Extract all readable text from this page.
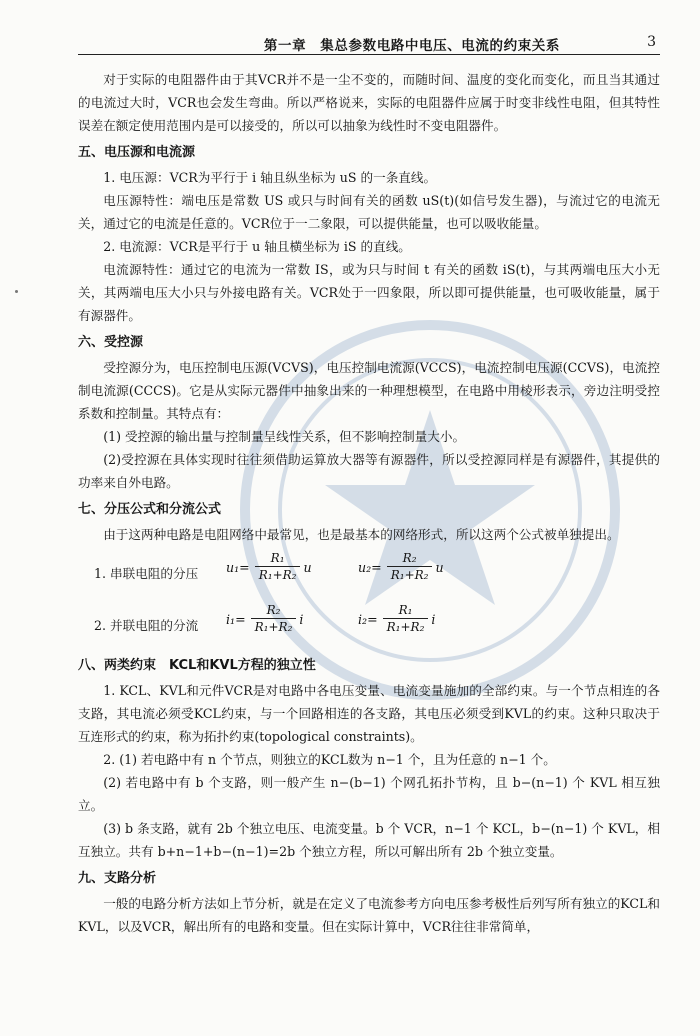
第一章　集总参数电路中电压、电流的约束关系	3

对于实际的电阻器件由于其VCR并不是一尘不变的，而随时间、温度的变化而变化，而且当其通过的电流过大时，VCR也会发生弯曲。所以严格说来，实际的电阻器件应属于时变非线性电阻，但其特性误差在额定使用范围内是可以接受的，所以可以抽象为线性时不变电阻器件。

五、电压源和电流源

1. 电压源：VCR为平行于 i 轴且纵坐标为 uS 的一条直线。

电压源特性：端电压是常数 US 或只与时间有关的函数 uS(t)(如信号发生器)，与流过它的电流无关，通过它的电流是任意的。VCR位于一二象限，可以提供能量，也可以吸收能量。

2. 电流源：VCR是平行于 u 轴且横坐标为 iS 的直线。

电流源特性：通过它的电流为一常数 IS，或为只与时间 t 有关的函数 iS(t)，与其两端电压大小无关，其两端电压大小只与外接电路有关。VCR处于一四象限，所以即可提供能量，也可吸收能量，属于有源器件。

六、受控源

受控源分为，电压控制电压源(VCVS)，电压控制电流源(VCCS)，电流控制电压源(CCVS)，电流控制电流源(CCCS)。它是从实际元器件中抽象出来的一种理想模型，在电路中用棱形表示，旁边注明受控系数和控制量。其特点有：

(1) 受控源的输出量与控制量呈线性关系，但不影响控制量大小。

(2)受控源在具体实现时往往须借助运算放大器等有源器件，所以受控源同样是有源器件，其提供的功率来自外电路。

七、分压公式和分流公式

由于这两种电路是电阻网络中最常见，也是最基本的网络形式，所以这两个公式被单独提出。

1. 串联电阻的分压 $u_1= \frac{\text{R₁}}{\text{R₁+R₂}}$ u	$u_2= \frac{\text{R₂}}{\text{R₁+R₂}}$ u
2. 并联电阻的分流 $i_1= \frac{\text{R₂}}{\text{R₁+R₂}}$ i	$i_2= \frac{\text{R₁}}{\text{R₁+R₂}}$ i
八、两类约束　KCL和KVL方程的独立性

1. KCL、KVL和元件VCR是对电路中各电压变量、电流变量施加的全部约束。与一个节点相连的各支路，其电流必须受KCL约束，与一个回路相连的各支路，其电压必须受到KVL的约束。这种只取决于互连形式的约束，称为拓扑约束(topological constraints)。

2. (1) 若电路中有 n 个节点，则独立的KCL数为 n−1 个，且为任意的 n−1 个。

(2) 若电路中有 b 个支路，则一般产生 n−(b−1) 个网孔拓扑节构，且 b−(n−1) 个 KVL 相互独立。

(3) b 条支路，就有 2b 个独立电压、电流变量。b 个 VCR，n−1 个 KCL，b−(n−1) 个 KVL，相互独立。共有 b+n−1+b−(n−1)=2b 个独立方程，所以可解出所有 2b 个独立变量。

九、支路分析

一般的电路分析方法如上节分析，就是在定义了电流参考方向电压参考极性后列写所有独立的KCL和KVL，以及VCR，解出所有的电路和变量。但在实际计算中，VCR往往非常简单，
